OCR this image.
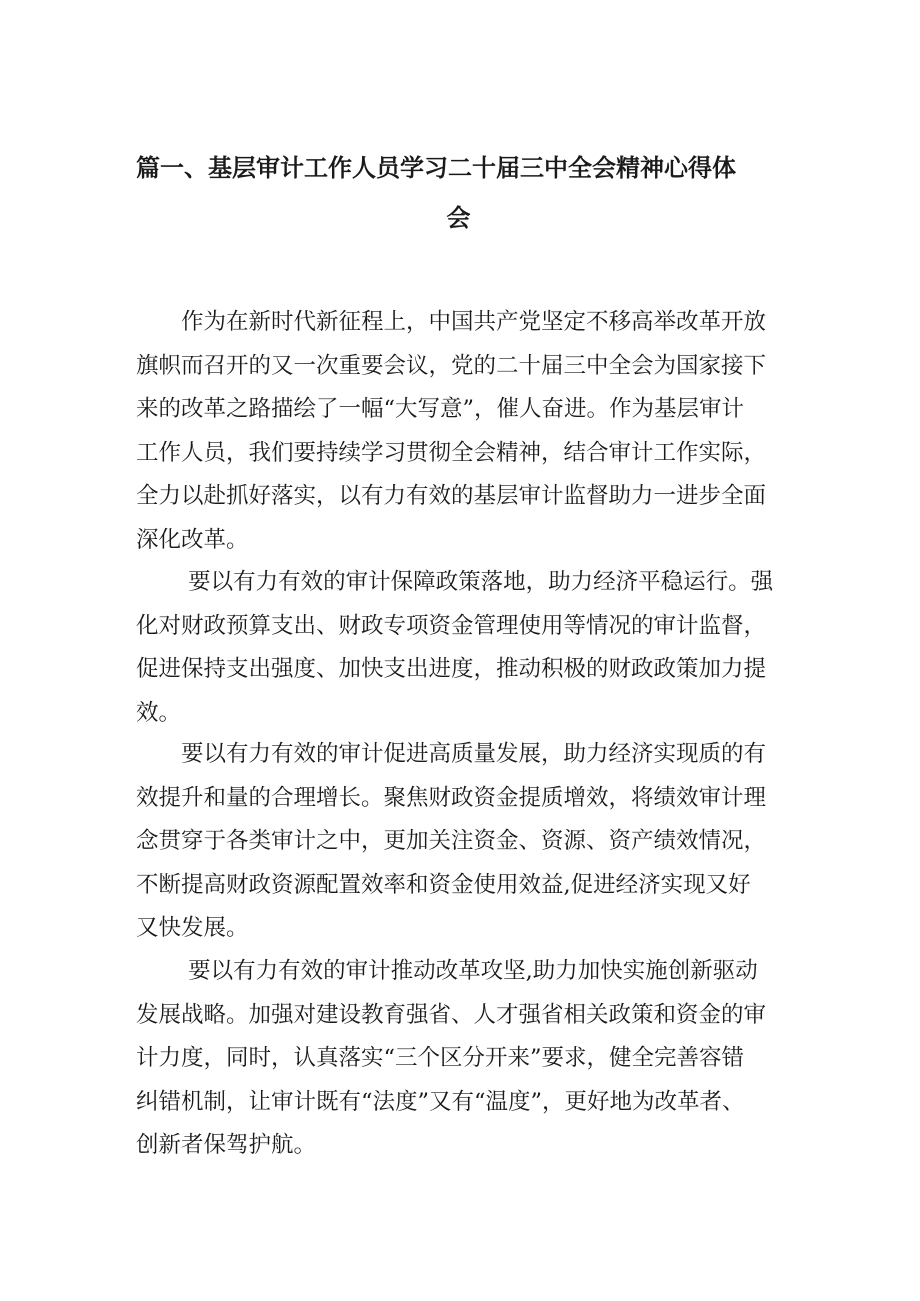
篇一、基层审计工作人员学习二十届三中全会精神心得体
会

　　作为在新时代新征程上，中国共产党坚定不移高举改革开放
旗帜而召开的又一次重要会议，党的二十届三中全会为国家接下
来的改革之路描绘了一幅“大写意”，催人奋进。作为基层审计
工作人员，我们要持续学习贯彻全会精神，结合审计工作实际，
全力以赴抓好落实，以有力有效的基层审计监督助力一进步全面
深化改革。

　　 要以有力有效的审计保障政策落地，助力经济平稳运行。强
化对财政预算支出、财政专项资金管理使用等情况的审计监督，
促进保持支出强度、加快支出进度，推动积极的财政政策加力提
效。

　　要以有力有效的审计促进高质量发展，助力经济实现质的有
效提升和量的合理增长。聚焦财政资金提质增效，将绩效审计理
念贯穿于各类审计之中，更加关注资金、资源、资产绩效情况，
不断提高财政资源配置效率和资金使用效益,促进经济实现又好
又快发展。

　　 要以有力有效的审计推动改革攻坚,助力加快实施创新驱动
发展战略。加强对建设教育强省、人才强省相关政策和资金的审
计力度，同时，认真落实“三个区分开来”要求，健全完善容错
纠错机制，让审计既有“法度”又有“温度”，更好地为改革者、
创新者保驾护航。
